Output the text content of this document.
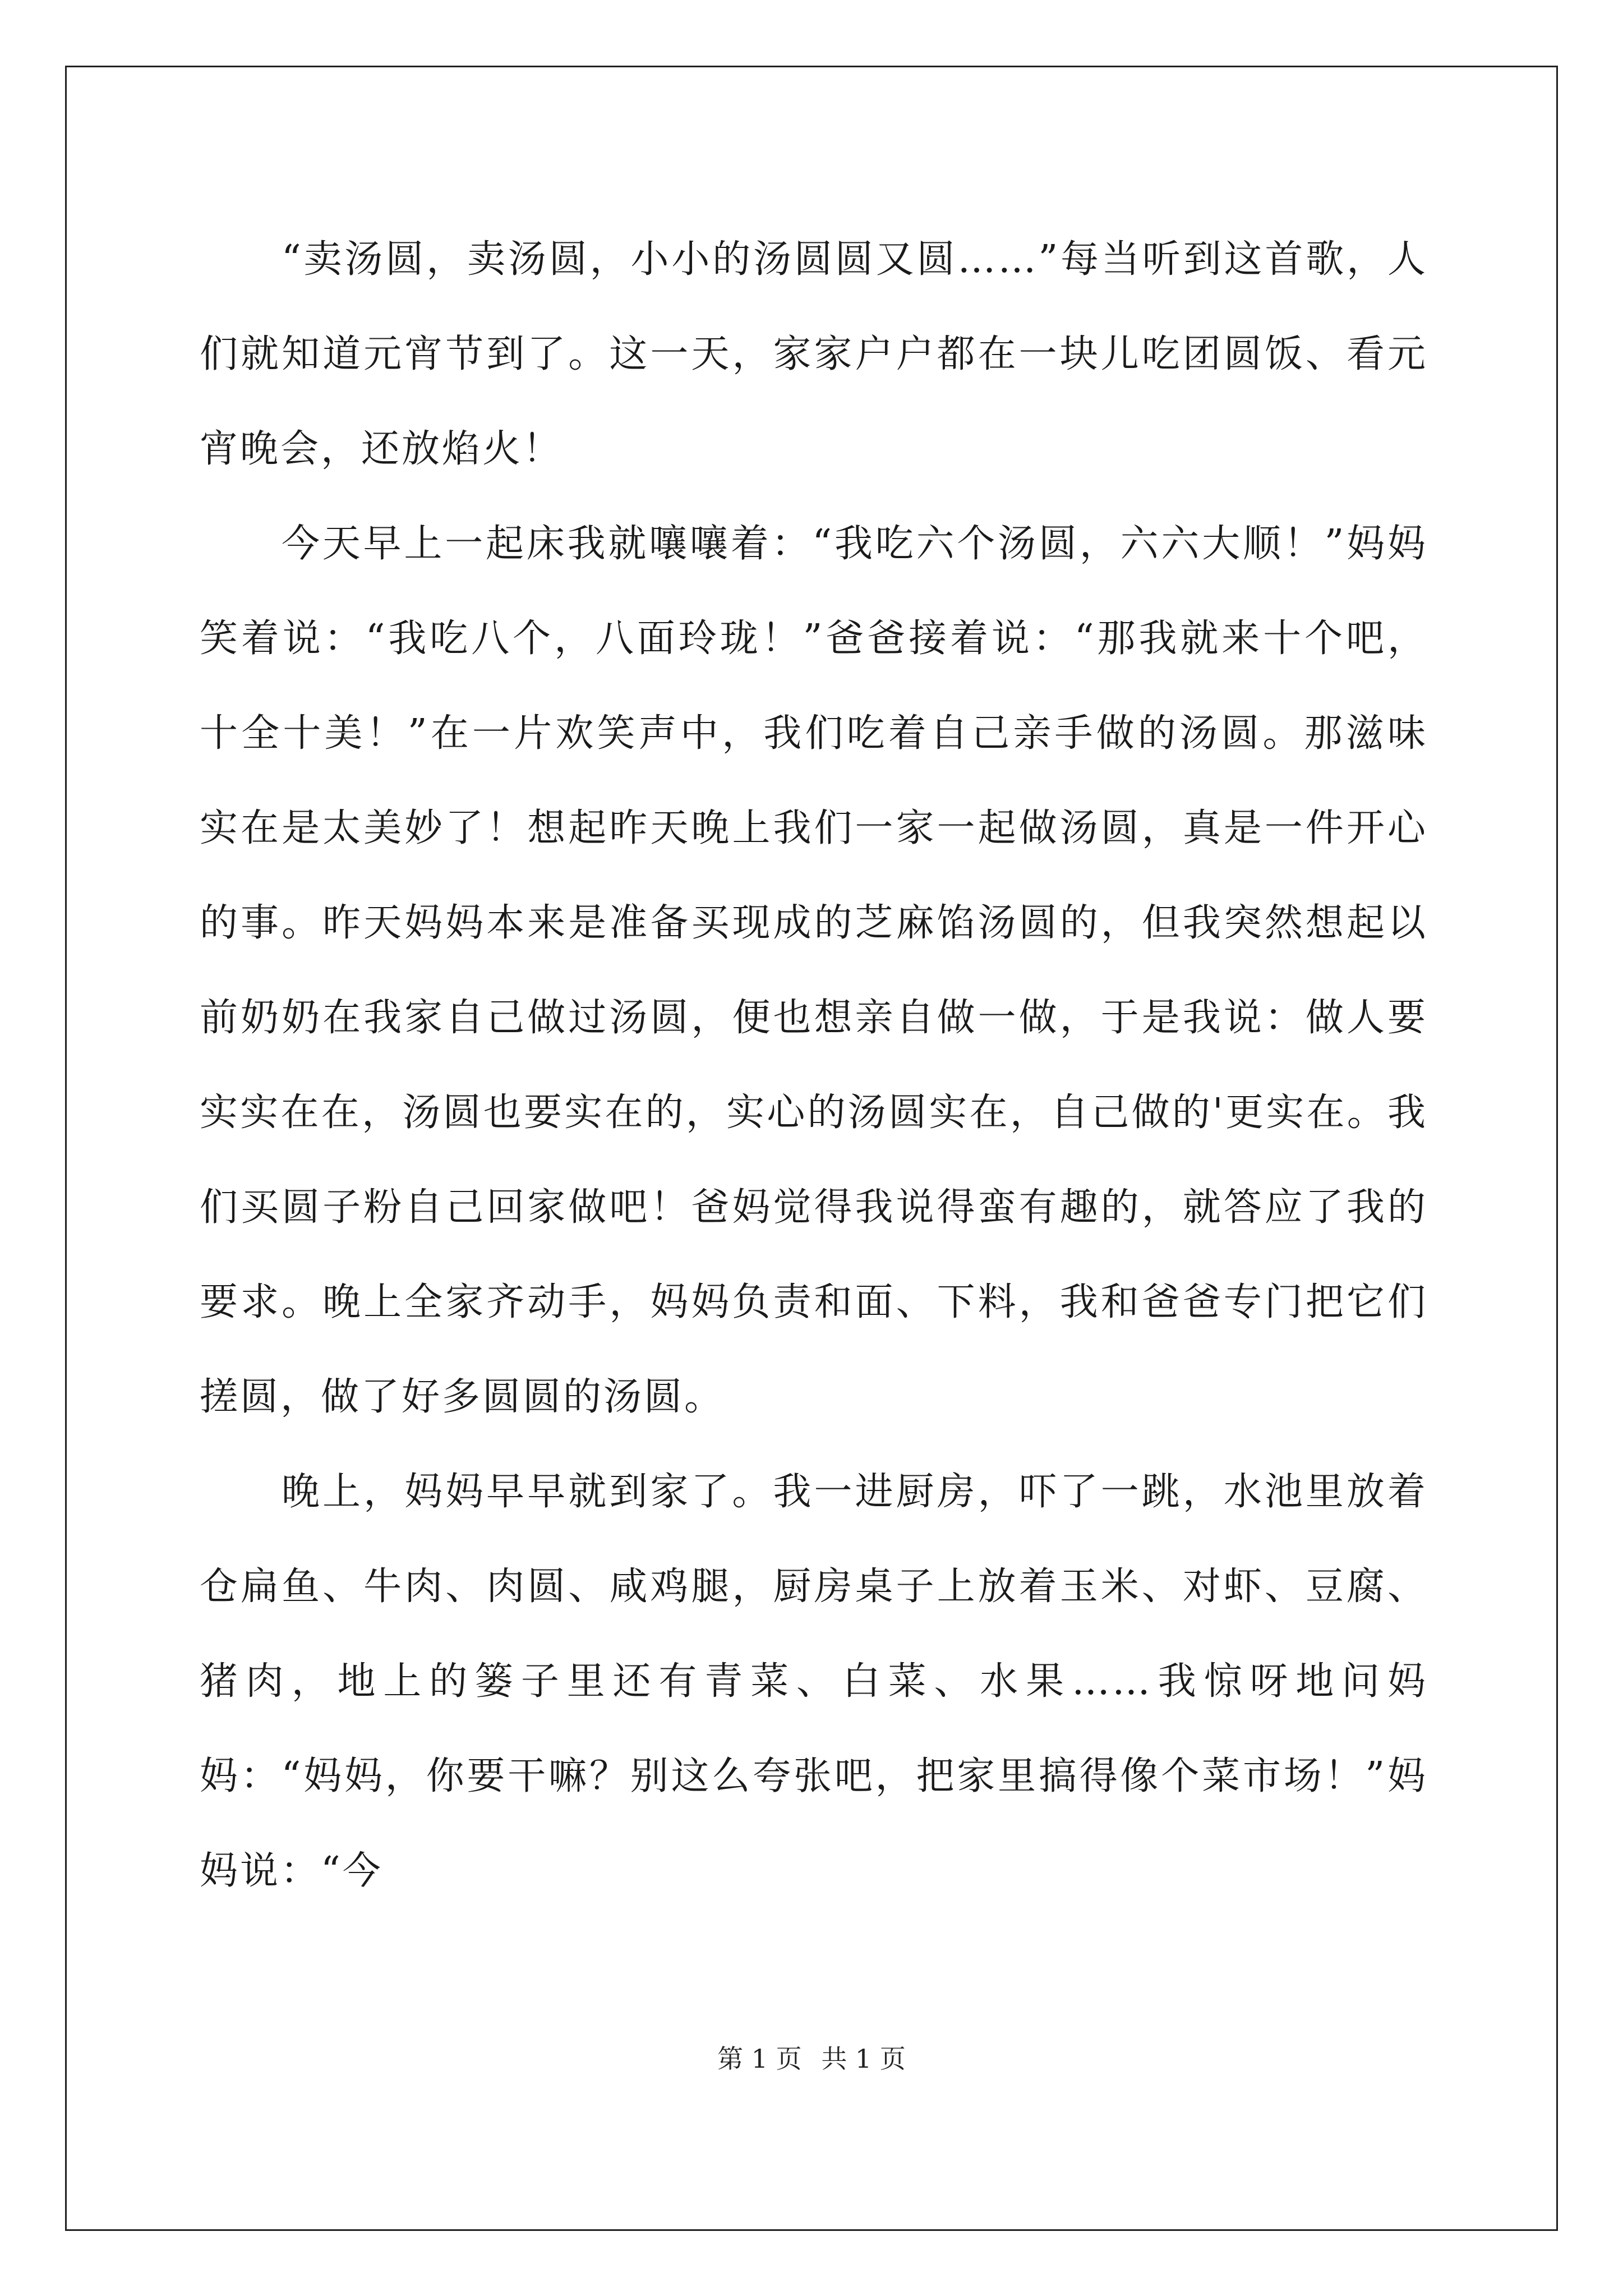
“卖汤圆，卖汤圆，小小的汤圆圆又圆……”每当听到这首歌，人们就知道元宵节到了。这一天，家家户户都在一块儿吃团圆饭、看元宵晚会，还放焰火！

今天早上一起床我就嚷嚷着：“我吃六个汤圆，六六大顺！”妈妈笑着说：“我吃八个，八面玲珑！”爸爸接着说：“那我就来十个吧，十全十美！”在一片欢笑声中，我们吃着自己亲手做的汤圆。那滋味实在是太美妙了！想起昨天晚上我们一家一起做汤圆，真是一件开心的事。昨天妈妈本来是准备买现成的芝麻馅汤圆的，但我突然想起以前奶奶在我家自己做过汤圆，便也想亲自做一做，于是我说：做人要实实在在，汤圆也要实在的，实心的汤圆实在，自己做的'更实在。我们买圆子粉自己回家做吧！爸妈觉得我说得蛮有趣的，就答应了我的要求。晚上全家齐动手，妈妈负责和面、下料，我和爸爸专门把它们搓圆，做了好多圆圆的汤圆。

晚上，妈妈早早就到家了。我一进厨房，吓了一跳，水池里放着仓扁鱼、牛肉、肉圆、咸鸡腿，厨房桌子上放着玉米、对虾、豆腐、猪肉，地上的篓子里还有青菜、白菜、水果……我惊呀地问妈妈：“妈妈，你要干嘛？别这么夸张吧，把家里搞得像个菜市场！”妈妈说：“今

第 1 页 共 1 页
